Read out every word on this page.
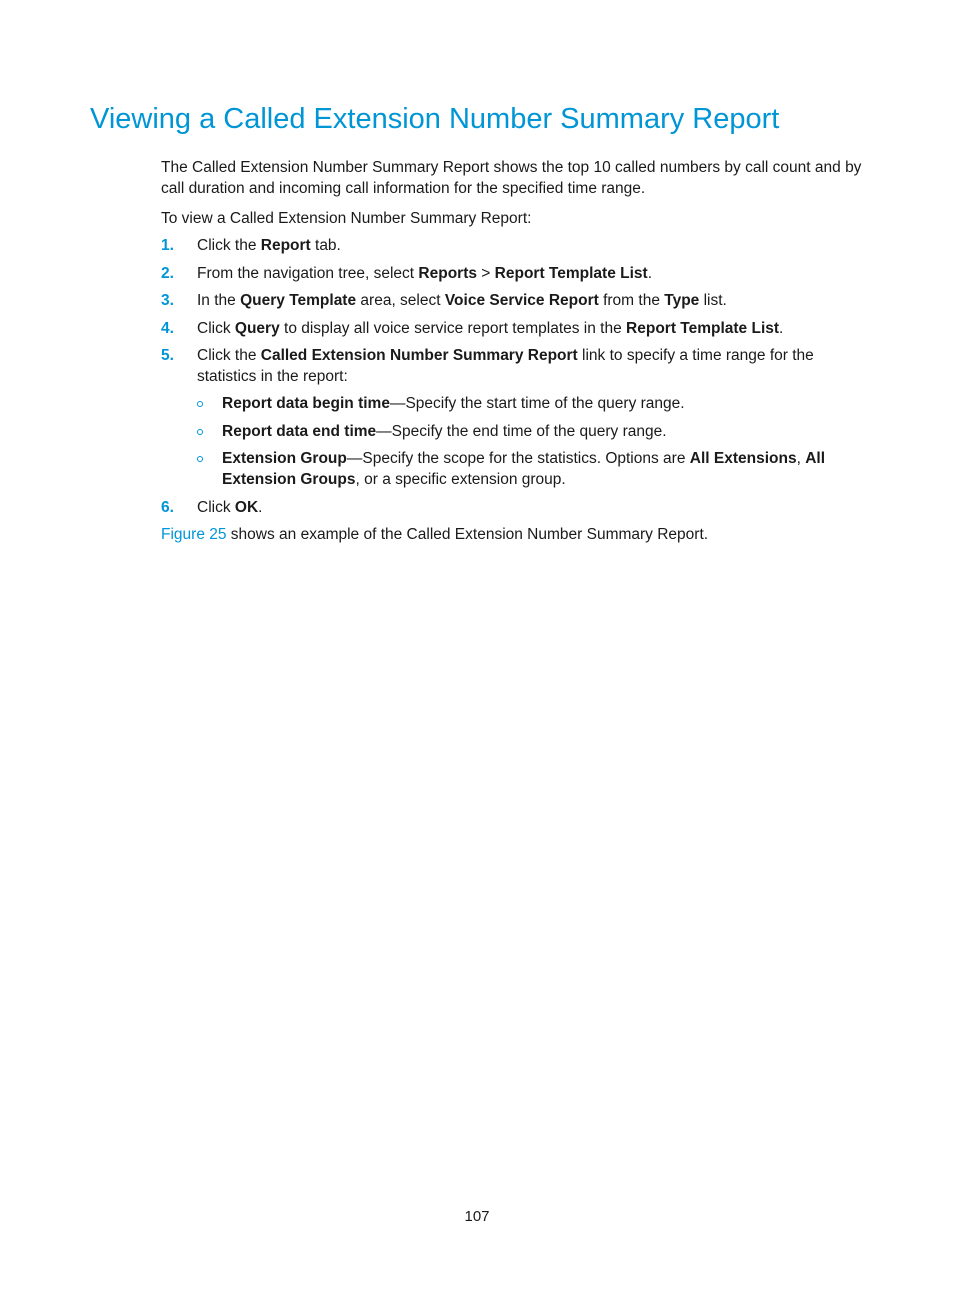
Viewing a Called Extension Number Summary Report

The Called Extension Number Summary Report shows the top 10 called numbers by call count and by call duration and incoming call information for the specified time range.

To view a Called Extension Number Summary Report:

1. Click the Report tab.
2. From the navigation tree, select Reports > Report Template List.
3. In the Query Template area, select Voice Service Report from the Type list.
4. Click Query to display all voice service report templates in the Report Template List.
5. Click the Called Extension Number Summary Report link to specify a time range for the statistics in the report:
Report data begin time—Specify the start time of the query range.
Report data end time—Specify the end time of the query range.
Extension Group—Specify the scope for the statistics. Options are All Extensions, All Extension Groups, or a specific extension group.
6. Click OK.

Figure 25 shows an example of the Called Extension Number Summary Report.

107
